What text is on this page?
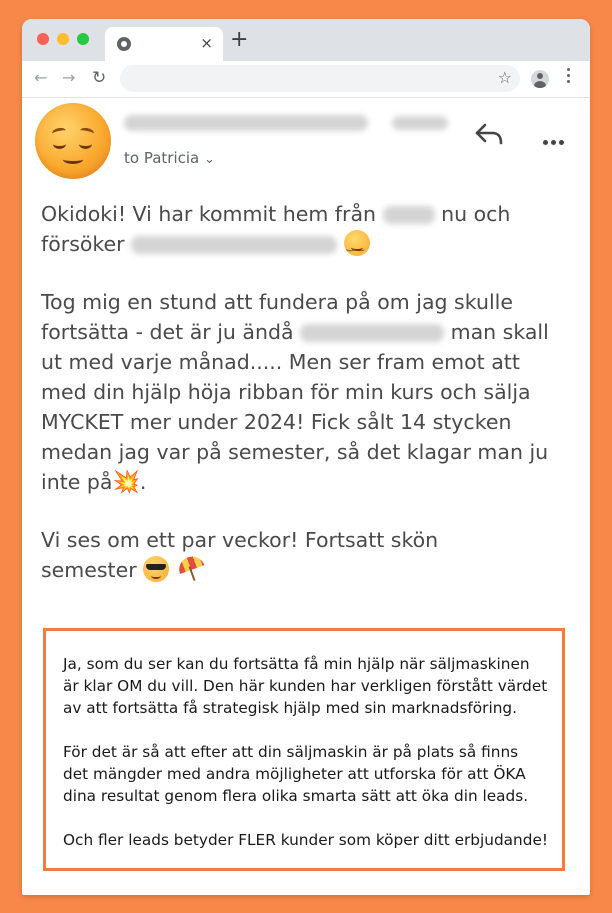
× +
← → ↻	☆
to Patricia ⌄
Okidoki! Vi har kommit hem från	nu och
försöker  ‿ ‿
Tog mig en stund att fundera på om jag skulle
fortsätta - det är ju ändå	man skall
ut med varje månad..... Men ser fram emot att
med din hjälp höja ribban för min kurs och sälja
MYCKET mer under 2024! Fick sålt 14 stycken
medan jag var på semester, så det klagar man ju
inte på💥.
Vi ses om ett par veckor! Fortsatt skön
semester

Ja, som du ser kan du fortsätta få min hjälp när säljmaskinen

är klar OM du vill. Den här kunden har verkligen förstått värdet

av att fortsätta få strategisk hjälp med sin marknadsföring.

För det är så att efter att din säljmaskin är på plats så finns

det mängder med andra möjligheter att utforska för att ÖKA

dina resultat genom flera olika smarta sätt att öka din leads.

Och fler leads betyder FLER kunder som köper ditt erbjudande!
